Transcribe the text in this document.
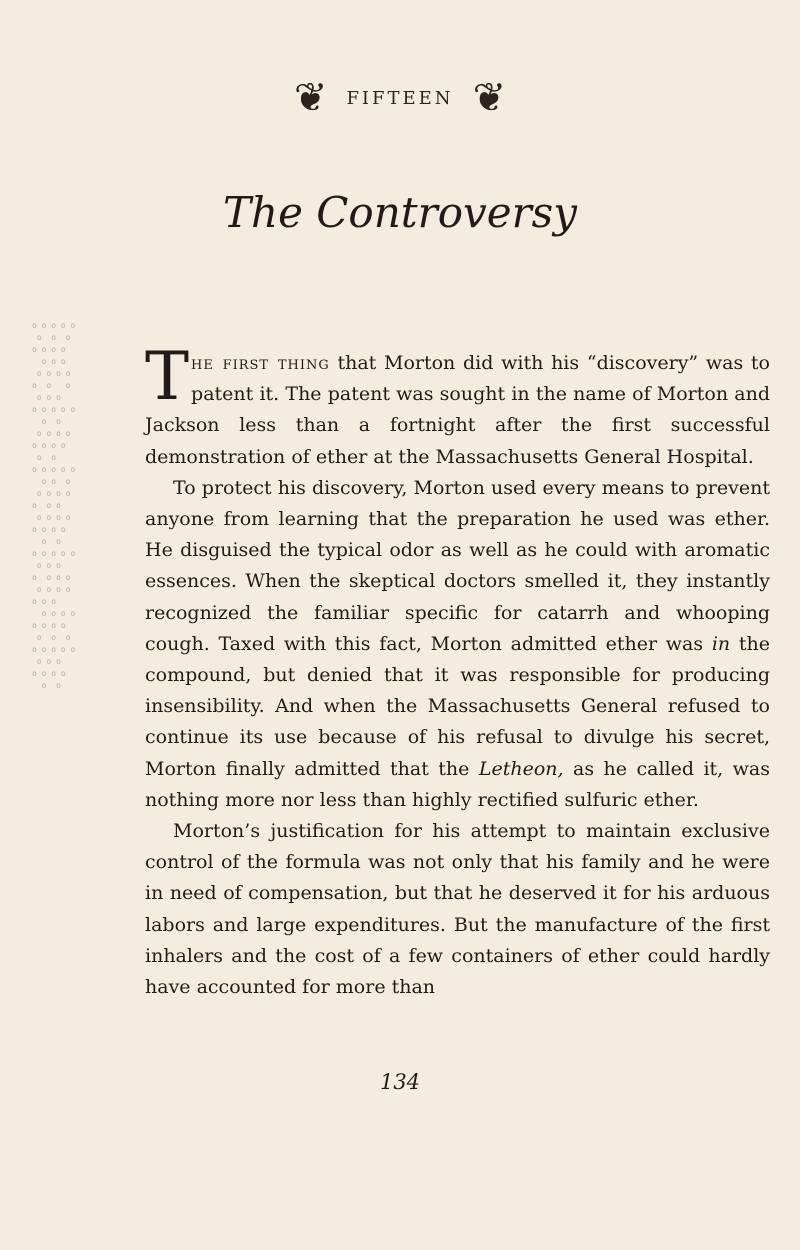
o o o o o
o  o  o
o o o o
o o o
o o o o
o  o   o
o o o
o o o o o
o  o
o o o o
o o o o
o  o
o o o o o
o o  o
o o o o
o  o o
o o o o
o o o o
o  o
o o o o o
o o o
o  o o o
o o o o
o o o
o o o o
o o o o
o  o  o
o o o o o
o o o
o o o o
o  o
❦ FIFTEEN ❦
The Controversy

The first thing that Morton did with his “discovery” was to patent it. The patent was sought in the name of Morton and Jackson less than a fortnight after the first successful demonstration of ether at the Massachusetts General Hospital.

To protect his discovery, Morton used every means to prevent anyone from learning that the preparation he used was ether. He disguised the typical odor as well as he could with aromatic essences. When the skeptical doctors smelled it, they instantly recognized the familiar specific for catarrh and whooping cough. Taxed with this fact, Morton admitted ether was in the compound, but denied that it was responsible for producing insensibility. And when the Massachusetts General refused to continue its use because of his refusal to divulge his secret, Morton finally admitted that the Letheon, as he called it, was nothing more nor less than highly rectified sulfuric ether.

Morton’s justification for his attempt to maintain exclusive control of the formula was not only that his family and he were in need of compensation, but that he deserved it for his arduous labors and large expenditures. But the manufacture of the first inhalers and the cost of a few containers of ether could hardly have accounted for more than

134
